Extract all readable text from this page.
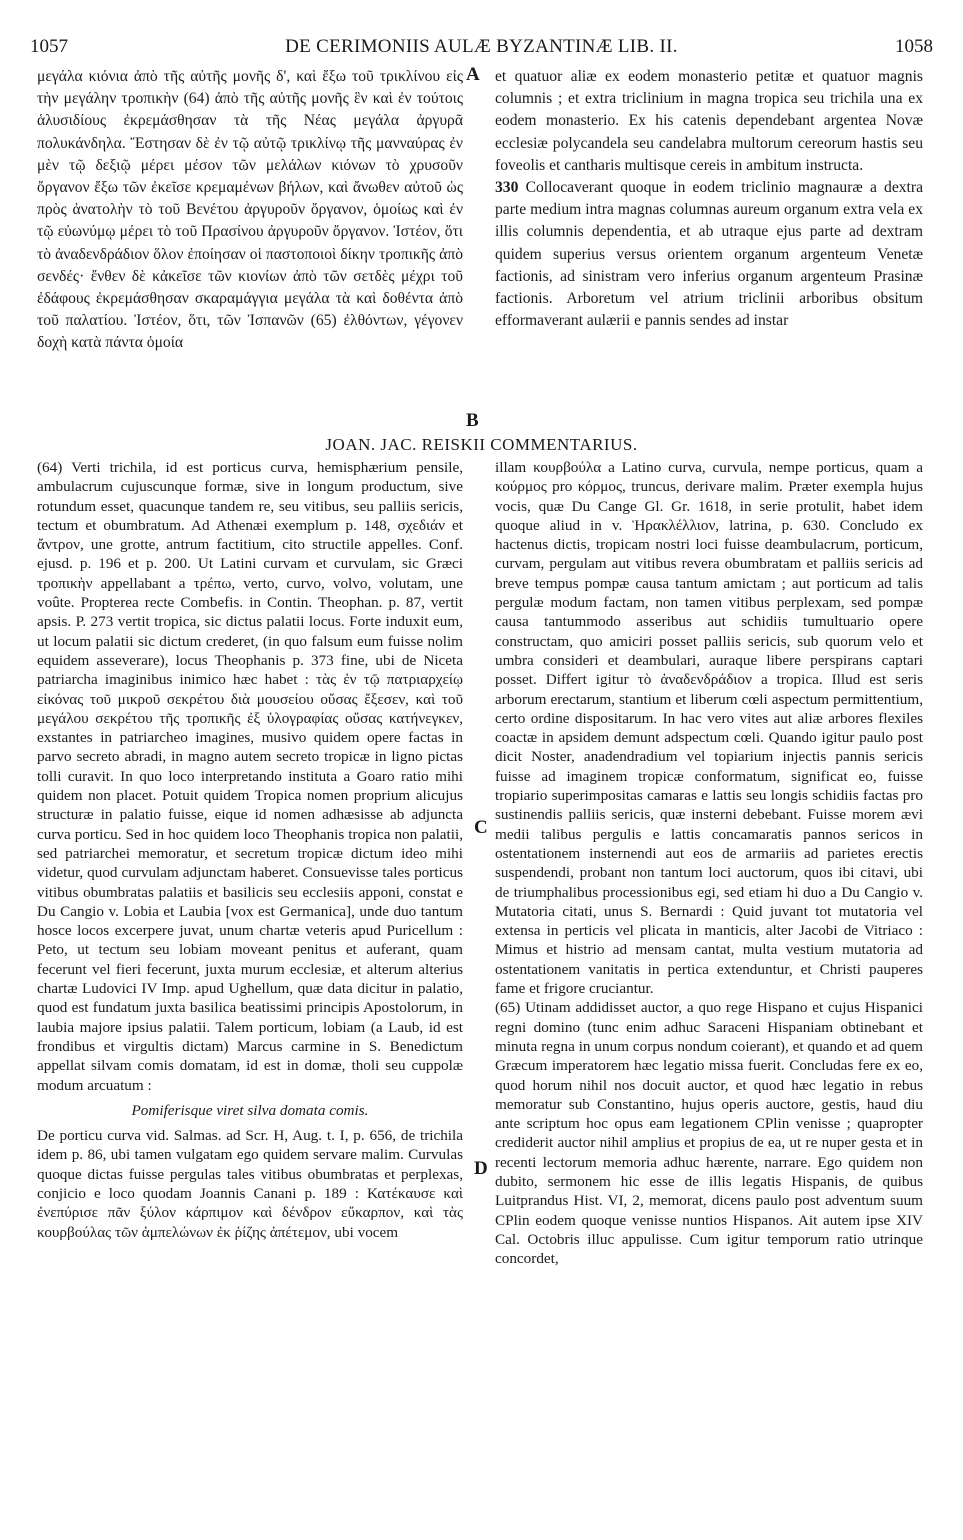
1057	DE CERIMONIIS AULÆ BYZANTINÆ LIB. II.	1058

μεγάλα κιόνια ἀπὸ τῆς αὐτῆς μονῆς δ', καὶ ἔξω τοῦ τρικλίνου εἰς τὴν μεγάλην τροπικὴν (64) ἀπὸ τῆς αὐτῆς μονῆς ἓν καὶ ἐν τούτοις ἁλυσιδίους ἐκρεμάσθησαν τὰ τῆς Νέας μεγάλα ἀργυρᾶ πολυκάνδηλα. Ἔστησαν δὲ ἐν τῷ αὐτῷ τρικλίνῳ τῆς μανναύρας ἐν μὲν τῷ δεξιῷ μέρει μέσον τῶν μελάλων κιόνων τὸ χρυσοῦν ὄργανον ἔξω τῶν ἐκεῖσε κρεμαμένων βήλων, καὶ ἄνωθεν αὐτοῦ ὡς πρὸς ἀνατολὴν τὸ τοῦ Βενέτου ἀργυροῦν ὄργανον, ὁμοίως καὶ ἐν τῷ εὐωνύμῳ μέρει τὸ τοῦ Πρασίνου ἀργυροῦν ὄργανον. Ἰστέον, ὅτι τὸ ἀναδενδράδιον ὅλον ἐποίησαν οἱ παστοποιοὶ δίκην τροπικῆς ἀπὸ σενδές· ἔνθεν δὲ κἀκεῖσε τῶν κιονίων ἀπὸ τῶν σετδὲς μέχρι τοῦ ἐδάφους ἐκρεμάσθησαν σκαραμάγγια μεγάλα τὰ καὶ δοθέντα ἀπὸ τοῦ παλατίου. Ἰστέον, ὅτι, τῶν Ἰσπανῶν (65) ἐλθόντων, γέγονεν δοχὴ κατὰ πάντα ὁμοία

A
B
C
D

et quatuor aliæ ex eodem monasterio petitæ et quatuor magnis columnis ; et extra triclinium in magna tropica seu trichila una ex eodem monasterio. Ex his catenis dependebant argentea Novæ ecclesiæ polycandela seu candelabra multorum cereorum hastis seu foveolis et cantharis multisque cereis in ambitum instructa.

330 Collocaverant quoque in eodem triclinio magnauræ a dextra parte medium intra magnas columnas aureum organum extra vela ex illis columnis dependentia, et ab utraque ejus parte ad dextram quidem superius versus orientem organum argenteum Venetæ factionis, ad sinistram vero inferius organum argenteum Prasinæ factionis. Arboretum vel atrium triclinii arboribus obsitum efformaverant aulærii e pannis sendes ad instar

JOAN. JAC. REISKII COMMENTARIUS.

(64) Verti trichila, id est porticus curva, hemisphærium pensile, ambulacrum cujuscunque formæ, sive in longum productum, sive rotundum esset, quacunque tandem re, seu vitibus, seu palliis sericis, tectum et obumbratum. Ad Athenæi exemplum p. 148, σχεδιάν et ἄντρον, une grotte, antrum factitium, cito structile appelles. Conf. ejusd. p. 196 et p. 200. Ut Latini curvam et curvulam, sic Græci τροπικὴν appellabant a τρέπω, verto, curvo, volvo, volutam, une voûte. Propterea recte Combefis. in Contin. Theophan. p. 87, vertit apsis. P. 273 vertit tropica, sic dictus palatii locus. Forte induxit eum, ut locum palatii sic dictum crederet, (in quo falsum eum fuisse nolim equidem asseverare), locus Theophanis p. 373 fine, ubi de Niceta patriarcha imaginibus inimico hæc habet : τὰς ἐν τῷ πατριαρχείῳ εἰκόνας τοῦ μικροῦ σεκρέτου διὰ μουσείου οὔσας ἔξεσεν, καὶ τοῦ μεγάλου σεκρέτου τῆς τροπικῆς ἐξ ὑλογραφίας οὔσας κατήνεγκεν, exstantes in patriarcheo imagines, musivo quidem opere factas in parvo secreto abradi, in magno autem secreto tropicæ in ligno pictas tolli curavit. In quo loco interpretando instituta a Goaro ratio mihi quidem non placet. Potuit quidem Tropica nomen proprium alicujus structuræ in palatio fuisse, eique id nomen adhæsisse ab adjuncta curva porticu. Sed in hoc quidem loco Theophanis tropica non palatii, sed patriarchei memoratur, et secretum tropicæ dictum ideo mihi videtur, quod curvulam adjunctam haberet. Consuevisse tales porticus vitibus obumbratas palatiis et basilicis seu ecclesiis apponi, constat e Du Cangio v. Lobia et Laubia [vox est Germanica], unde duo tantum hosce locos excerpere juvat, unum chartæ veteris apud Puricellum : Peto, ut tectum seu lobiam moveant penitus et auferant, quam fecerunt vel fieri fecerunt, juxta murum ecclesiæ, et alterum alterius chartæ Ludovici IV Imp. apud Ughellum, quæ data dicitur in palatio, quod est fundatum juxta basilica beatissimi principis Apostolorum, in laubia majore ipsius palatii. Talem porticum, lobiam (a Laub, id est frondibus et virgultis dictam) Marcus carmine in S. Benedictum appellat silvam comis domatam, id est in domæ, tholi seu cuppolæ modum arcuatum :

Pomiferisque viret silva domata comis.

De porticu curva vid. Salmas. ad Scr. H, Aug. t. I, p. 656, de trichila idem p. 86, ubi tamen vulgatam ego quidem servare malim. Curvulas quoque dictas fuisse pergulas tales vitibus obumbratas et perplexas, conjicio e loco quodam Joannis Canani p. 189 : Κατέκαυσε καὶ ἐνεπύρισε πᾶν ξύλον κάρπιμον καὶ δένδρον εὔκαρπον, καὶ τὰς κουρβούλας τῶν ἀμπελώνων ἐκ ῥίζης ἀπέτεμον, ubi vocem

illam κουρβούλα a Latino curva, curvula, nempe porticus, quam a κούρμος pro κόρμος, truncus, derivare malim. Præter exempla hujus vocis, quæ Du Cange Gl. Gr. 1618, in serie protulit, habet idem quoque aliud in v. Ἡρακλέλλιον, latrina, p. 630. Concludo ex hactenus dictis, tropicam nostri loci fuisse deambulacrum, porticum, curvam, pergulam aut vitibus revera obumbratam et palliis sericis ad breve tempus pompæ causa tantum amictam ; aut porticum ad talis pergulæ modum factam, non tamen vitibus perplexam, sed pompæ causa tantummodo asseribus aut schidiis tumultuario opere constructam, quo amiciri posset palliis sericis, sub quorum velo et umbra consideri et deambulari, auraque libere perspirans captari posset. Differt igitur τὸ ἀναδενδράδιον a tropica. Illud est seris arborum erectarum, stantium et liberum cœli aspectum permittentium, certo ordine dispositarum. In hac vero vites aut aliæ arbores flexiles coactæ in apsidem demunt adspectum cœli. Quando igitur paulo post dicit Noster, anadendradium vel topiarium injectis pannis sericis fuisse ad imaginem tropicæ conformatum, significat eo, fuisse tropiario superimpositas camaras e lattis seu longis schidiis factas pro sustinendis palliis sericis, quæ insterni debebant. Fuisse morem ævi medii talibus pergulis e lattis concamaratis pannos sericos in ostentationem insternendi aut eos de armariis ad parietes erectis suspendendi, probant non tantum loci auctorum, quos ibi citavi, ubi de triumphalibus processionibus egi, sed etiam hi duo a Du Cangio v. Mutatoria citati, unus S. Bernardi : Quid juvant tot mutatoria vel extensa in perticis vel plicata in manticis, alter Jacobi de Vitriaco : Mimus et histrio ad mensam cantat, multa vestium mutatoria ad ostentationem vanitatis in pertica extenduntur, et Christi pauperes fame et frigore cruciantur.

(65) Utinam addidisset auctor, a quo rege Hispano et cujus Hispanici regni domino (tunc enim adhuc Saraceni Hispaniam obtinebant et minuta regna in unum corpus nondum coierant), et quando et ad quem Græcum imperatorem hæc legatio missa fuerit. Concludas fere ex eo, quod horum nihil nos docuit auctor, et quod hæc legatio in rebus memoratur sub Constantino, hujus operis auctore, gestis, haud diu ante scriptum hoc opus eam legationem CPlin venisse ; quapropter crediderit auctor nihil amplius et propius de ea, ut re nuper gesta et in recenti lectorum memoria adhuc hærente, narrare. Ego quidem non dubito, sermonem hic esse de illis legatis Hispanis, de quibus Luitprandus Hist. VI, 2, memorat, dicens paulo post adventum suum CPlin eodem quoque venisse nuntios Hispanos. Ait autem ipse XIV Cal. Octobris illuc appulisse. Cum igitur temporum ratio utrinque concordet,
